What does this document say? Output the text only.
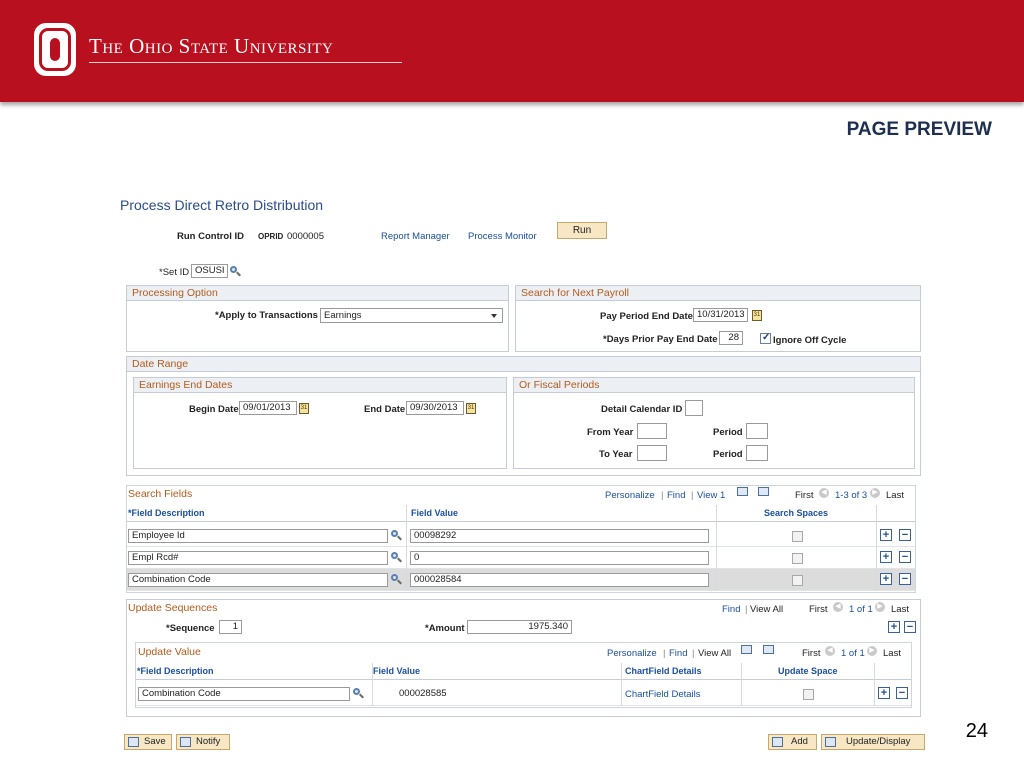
The Ohio State University
PAGE PREVIEW
Process Direct Retro Distribution
Run Control ID OPRID 0000005	Report Manager Process Monitor
Run
*Set ID OSUSI
Processing Option
*Apply to Transactions Earnings
Search for Next Payroll
Pay Period End Date 10/31/2013	31
*Days Prior Pay End Date	28
✓	Ignore Off Cycle
Date Range
Earnings End Dates
Begin Date 09/01/2013	31	End Date 09/30/2013	31
Or Fiscal Periods
Detail Calendar ID
From Year	Period
To Year	Period
Search Fields	Personalize | Find | View 1	First	◀ 1-3 of 3 ▶ Last
*Field Description	Field Value	Search Spaces
Employee Id	00098292	+ −
Empl Rcd#	0	+ −
Combination Code	000028584	+ −
Update Sequences	Find | View All	First	◀ 1 of 1 ▶ Last
*Sequence	1	*Amount	1975.340	+ −
Update Value	Personalize | Find | View All	First ◀ 1 of 1 ▶ Last
*Field Description	Field Value	ChartField Details	Update Space
Combination Code	000028585	ChartField Details	+ −
Save	Notify	Add	Update/Display	24
